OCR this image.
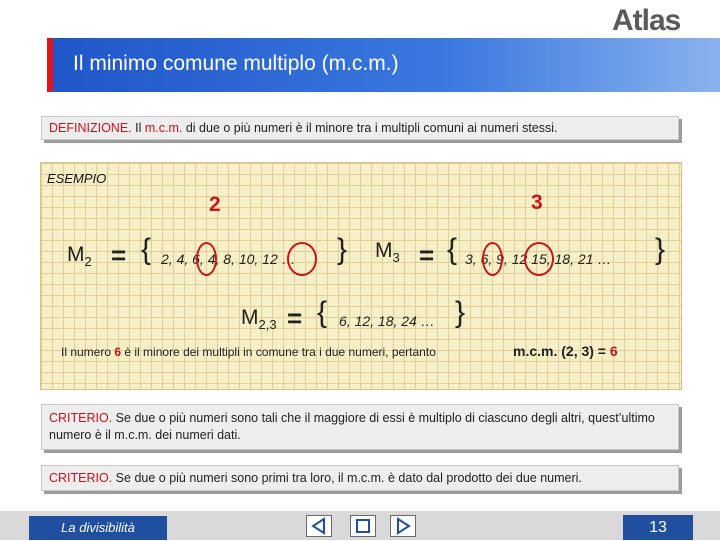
Atlas
Il minimo comune multiplo (m.c.m.)
DEFINIZIONE. Il m.c.m. di due o più numeri è il minore tra i multipli comuni ai numeri stessi.
ESEMPIO
2	3
$M_2$ = { 2, 4, 6, 4, 8, 10, 12 … } $M_3$ = { 3, 6, 9, 12 15, 18, 21 … }
$M_{2,3}$ = { 6, 12, 18, 24 … }
Il numero 6 è il minore dei multipli in comune tra i due numeri, pertanto	m.c.m. (2, 3) = 6
CRITERIO. Se due o più numeri sono tali che il maggiore di essi è multiplo di ciascuno degli altri, quest’ultimo numero è il m.c.m. dei numeri dati.
CRITERIO. Se due o più numeri sono primi tra loro, il m.c.m. è dato dal prodotto dei due numeri.
La divisibilità	13
